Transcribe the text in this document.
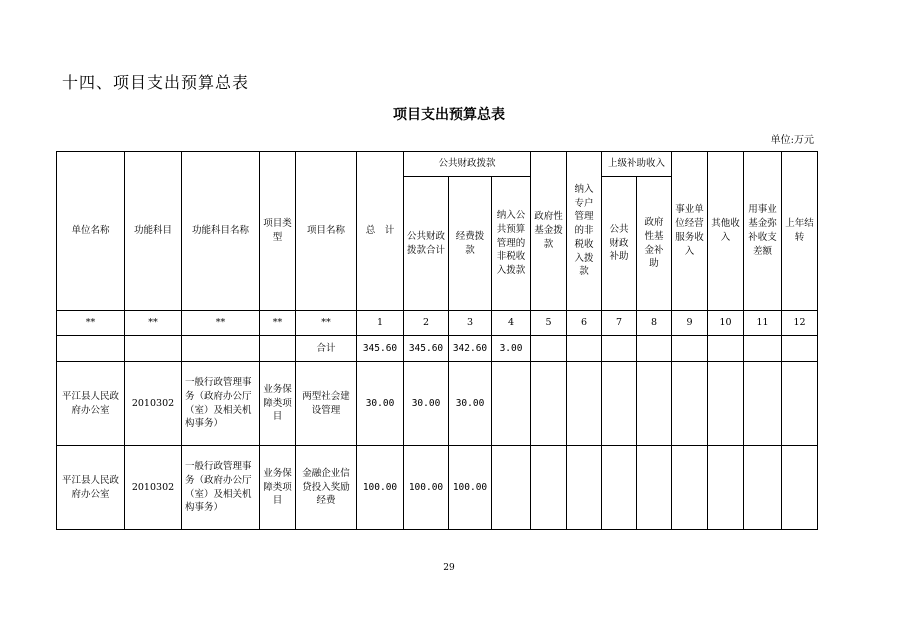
十四、项目支出预算总表
项目支出预算总表
单位:万元
单位名称	功能科目	功能科目名称	项目类型	项目名称	总　计	公共财政拨款			政府性基金拨款	纳入专户管理的非税收入拨款	上级补助收入		事业单位经营服务收入	其他收入	用事业基金弥补收支差额	上年结转
						公共财政拨款合计	经费拨款	纳入公共预算管理的非税收入拨款			公共财政补助	政府性基金补助				
**	**	**	**	**	1	2	3	4	5	6	7	8	9	10	11	12
				合计	345.60	345.60	342.60	3.00								
平江县人民政府办公室	2010302	一般行政管理事务（政府办公厅（室）及相关机构事务）	业务保障类项目	两型社会建设管理	30.00	30.00	30.00									
平江县人民政府办公室	2010302	一般行政管理事务（政府办公厅（室）及相关机构事务）	业务保障类项目	金融企业信贷投入奖励经费	100.00	100.00	100.00									
29
